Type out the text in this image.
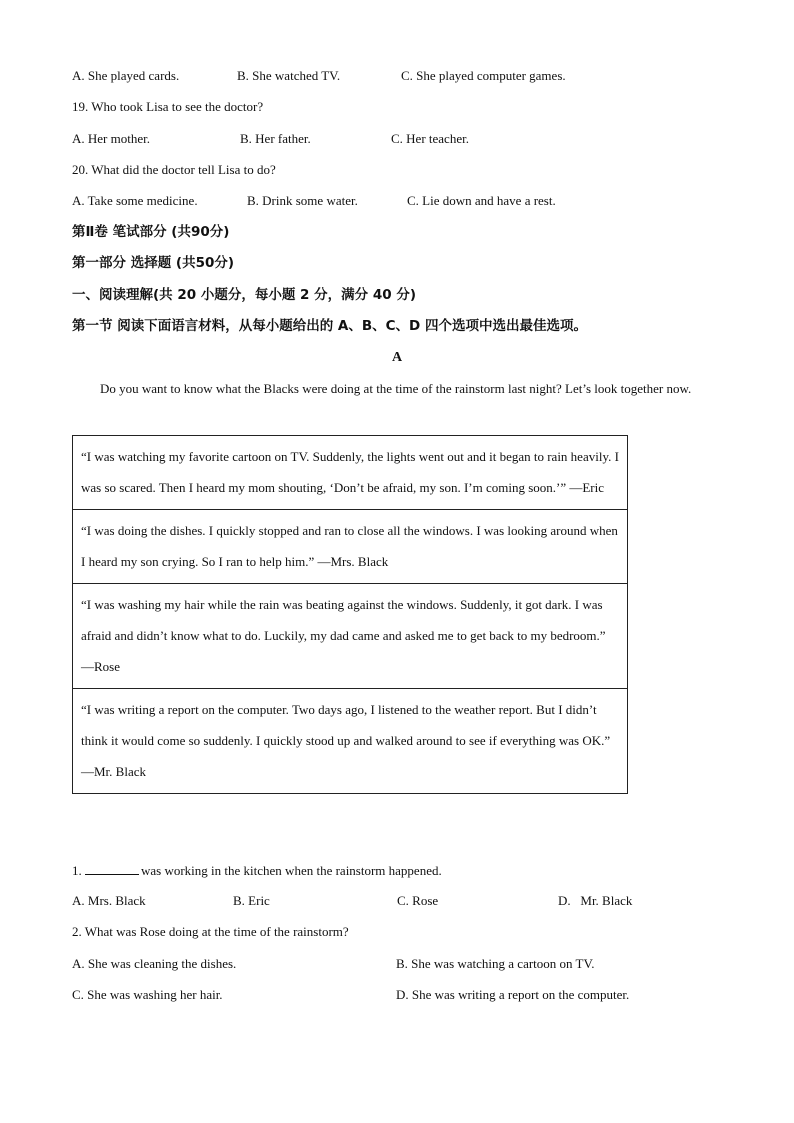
A. She played cards.	B. She watched TV.	C. She played computer games.
19. Who took Lisa to see the doctor?
A. Her mother.	B. Her father.	C. Her teacher.
20. What did the doctor tell Lisa to do?
A. Take some medicine.	B. Drink some water.	C. Lie down and have a rest.
第Ⅱ卷 笔试部分 (共90分)
第一部分 选择题 (共50分)
一、阅读理解(共 20 小题分，每小题 2 分，满分 40 分)
第一节 阅读下面语言材料，从每小题给出的 A、B、C、D 四个选项中选出最佳选项。
A
Do you want to know what the Blacks were doing at the time of the rainstorm last night? Let’s look together now.
“I was watching my favorite cartoon on TV. Suddenly, the lights went out and it began to rain heavily. I was so scared. Then I heard my mom shouting, ‘Don’t be afraid, my son. I’m coming soon.’” —Eric
“I was doing the dishes. I quickly stopped and ran to close all the windows. I was looking around when I heard my son crying. So I ran to help him.” —Mrs. Black
“I was washing my hair while the rain was beating against the windows. Suddenly, it got dark. I was afraid and didn’t know what to do. Luckily, my dad came and asked me to get back to my bedroom.” —Rose
“I was writing a report on the computer. Two days ago, I listened to the weather report. But I didn’t think it would come so suddenly. I quickly stood up and walked around to see if everything was OK.” —Mr. Black
1.	was working in the kitchen when the rainstorm happened.
A. Mrs. Black	B. Eric	C. Rose	D.   Mr. Black
2. What was Rose doing at the time of the rainstorm?
A. She was cleaning the dishes.	B. She was watching a cartoon on TV.
C. She was washing her hair.	D. She was writing a report on the computer.
